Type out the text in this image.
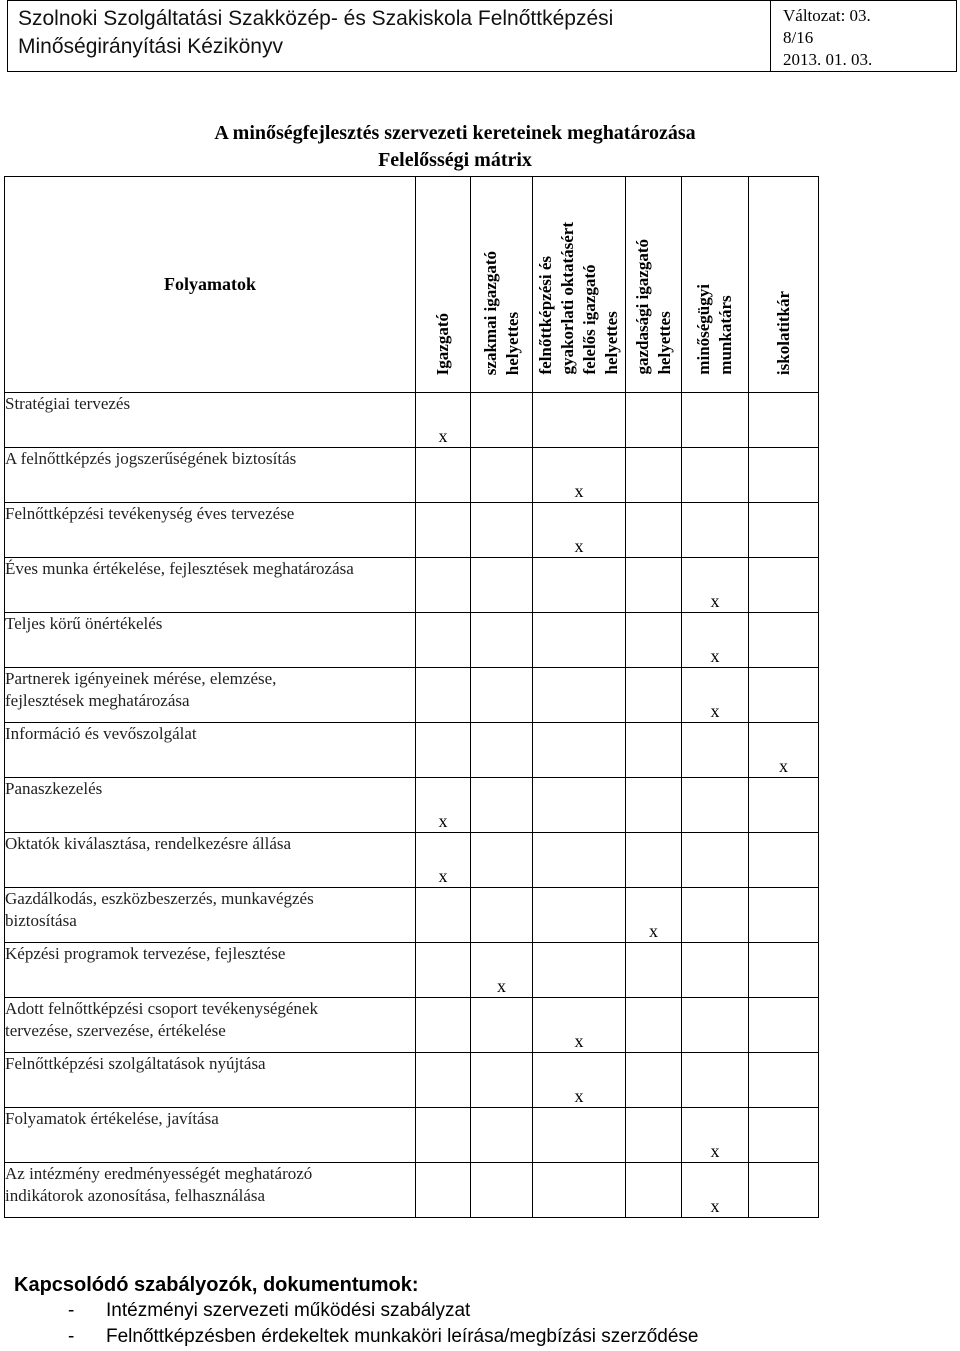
Szolnoki Szolgáltatási Szakközép- és Szakiskola Felnőttképzési
Minőségirányítási Kézikönyv
Változat: 03.
8/16
2013. 01. 03.
A minőségfejlesztés szervezeti kereteinek meghatározása
Felelősségi mátrix
Folyamatok	Igazgató	szakmai igazgató helyettes	felnőttképzési és gyakorlati oktatásért felelős igazgató helyettes	gazdasági igazgató helyettes	minőségügyi munkatárs	iskolatitkár
Stratégiai tervezés	x					
A felnőttképzés jogszerűségének biztosítás			x			
Felnőttképzési tevékenység éves tervezése			x			
Éves munka értékelése, fejlesztések meghatározása					x	
Teljes körű önértékelés					x	
Partnerek igényeinek mérése, elemzése,
fejlesztések meghatározása					x	
Információ és vevőszolgálat						x
Panaszkezelés	x					
Oktatók kiválasztása, rendelkezésre állása	x					
Gazdálkodás, eszközbeszerzés, munkavégzés
biztosítása				x		
Képzési programok tervezése, fejlesztése		x				
Adott felnőttképzési csoport tevékenységének
tervezése, szervezése, értékelése			x			
Felnőttképzési szolgáltatások nyújtása			x			
Folyamatok értékelése, javítása					x	
Az intézmény eredményességét meghatározó
indikátorok azonosítása, felhasználása					x	
Kapcsolódó szabályozók, dokumentumok:
- Intézményi szervezeti működési szabályzat
- Felnőttképzésben érdekeltek munkaköri leírása/megbízási szerződése
